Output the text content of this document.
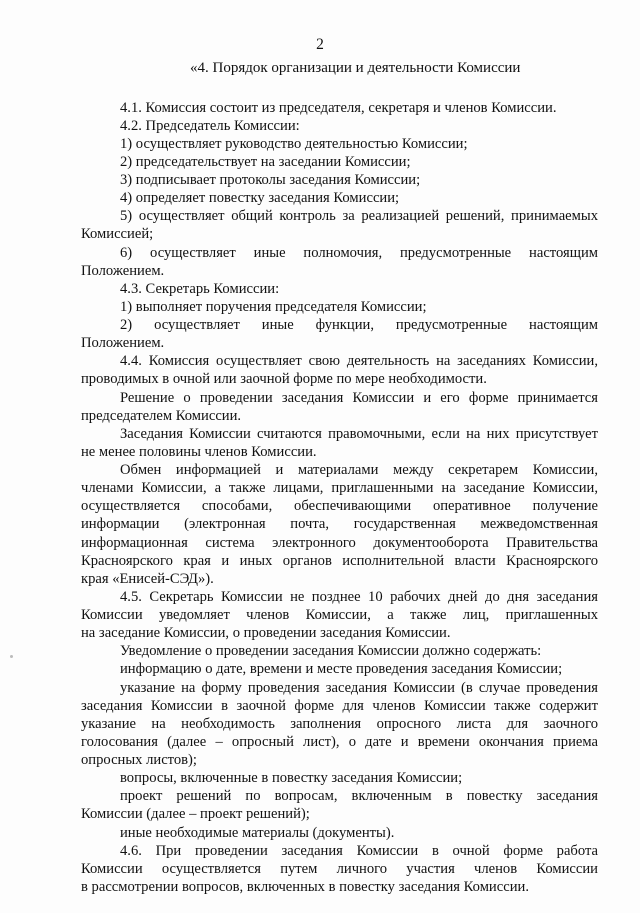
2
«4. Порядок организации и деятельности Комиссии
4.1. Комиссия состоит из председателя, секретаря и членов Комиссии.
4.2. Председатель Комиссии:
1) осуществляет руководство деятельностью Комиссии;
2) председательствует на заседании Комиссии;
3) подписывает протоколы заседания Комиссии;
4) определяет повестку заседания Комиссии;
5) осуществляет общий контроль за реализацией решений, принимаемых
Комиссией;
6) осуществляет иные полномочия, предусмотренные настоящим
Положением.
4.3. Секретарь Комиссии:
1) выполняет поручения председателя Комиссии;
2) осуществляет иные функции, предусмотренные настоящим
Положением.
4.4. Комиссия осуществляет свою деятельность на заседаниях Комиссии,
проводимых в очной или заочной форме по мере необходимости.
Решение о проведении заседания Комиссии и его форме принимается
председателем Комиссии.
Заседания Комиссии считаются правомочными, если на них присутствует
не менее половины членов Комиссии.
Обмен информацией и материалами между секретарем Комиссии,
членами Комиссии, а также лицами, приглашенными на заседание Комиссии,
осуществляется способами, обеспечивающими оперативное получение
информации (электронная почта, государственная межведомственная
информационная система электронного документооборота Правительства
Красноярского края и иных органов исполнительной власти Красноярского
края «Енисей-СЭД»).
4.5. Секретарь Комиссии не позднее 10 рабочих дней до дня заседания
Комиссии уведомляет членов Комиссии, а также лиц, приглашенных
на заседание Комиссии, о проведении заседания Комиссии.
Уведомление о проведении заседания Комиссии должно содержать:
информацию о дате, времени и месте проведения заседания Комиссии;
указание на форму проведения заседания Комиссии (в случае проведения
заседания Комиссии в заочной форме для членов Комиссии также содержит
указание на необходимость заполнения опросного листа для заочного
голосования (далее – опросный лист), о дате и времени окончания приема
опросных листов);
вопросы, включенные в повестку заседания Комиссии;
проект решений по вопросам, включенным в повестку заседания
Комиссии (далее – проект решений);
иные необходимые материалы (документы).
4.6. При проведении заседания Комиссии в очной форме работа
Комиссии осуществляется путем личного участия членов Комиссии
в рассмотрении вопросов, включенных в повестку заседания Комиссии.
